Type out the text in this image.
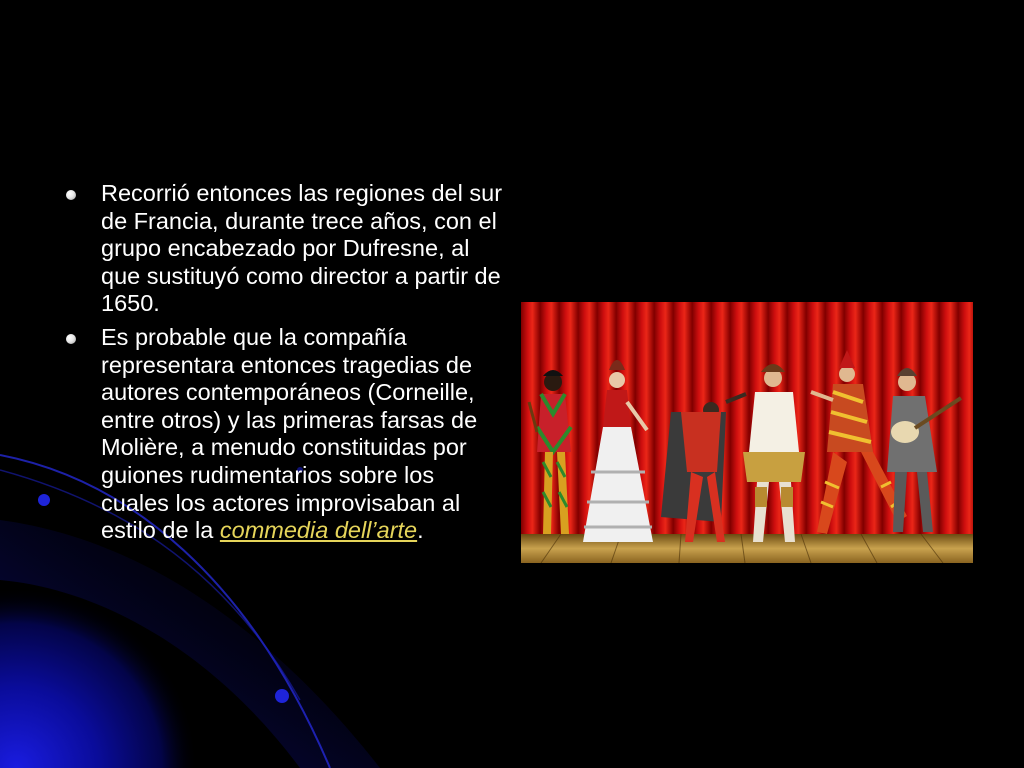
Recorrió entonces las regiones del sur de Francia, durante trece años, con el grupo encabezado por Dufresne, al que sustituyó como director a partir de 1650.
Es probable que la compañía representara entonces tragedias de autores contemporáneos (Corneille, entre otros) y las primeras farsas de Molière, a menudo constituidas por guiones rudimentarios sobre los cuales los actores improvisaban al estilo de la commedia dell’arte.
